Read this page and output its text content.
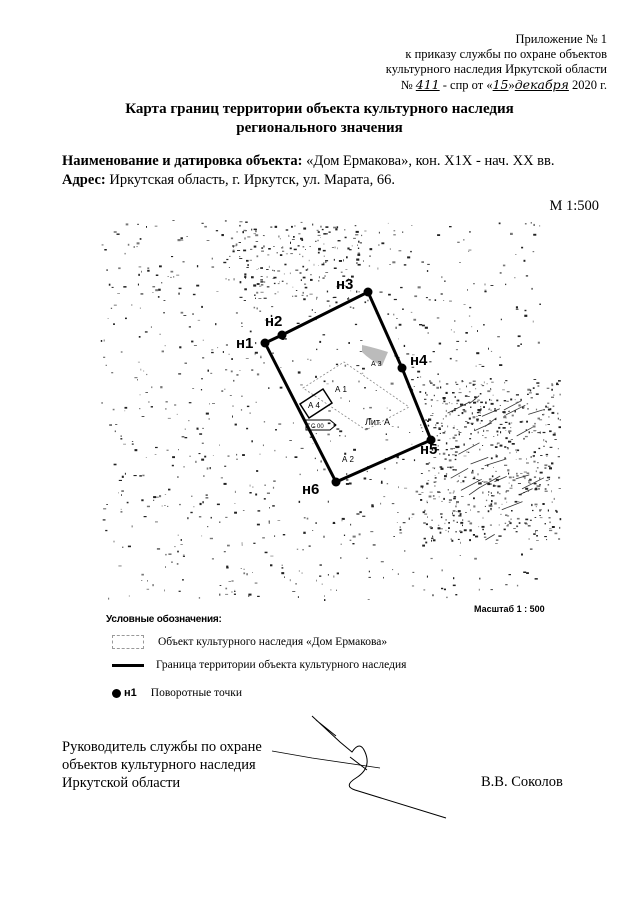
Приложение № 1
к приказу службы по охране объектов
культурного наследия Иркутской области
№ 411 - спр от «15»декабря 2020 г.
Карта границ территории объекта культурного наследия
регионального значения
Наименование и датировка объекта: «Дом Ермакова», кон. Х1Х - нач. ХХ вв.
Адрес: Иркутская область, г. Иркутск, ул. Марата, 66.
М 1:500
н1
н2
н3
н4
н5
н6
А 1
А 2
А 3
А 4
Лит. А
С 00
Масштаб 1 : 500
Условные обозначения:
Объект культурного наследия «Дом Ермакова»
Граница территории объекта культурного наследия
н1 Поворотные точки
Руководитель службы по охране
объектов культурного наследия
Иркутской области	В.В. Соколов
